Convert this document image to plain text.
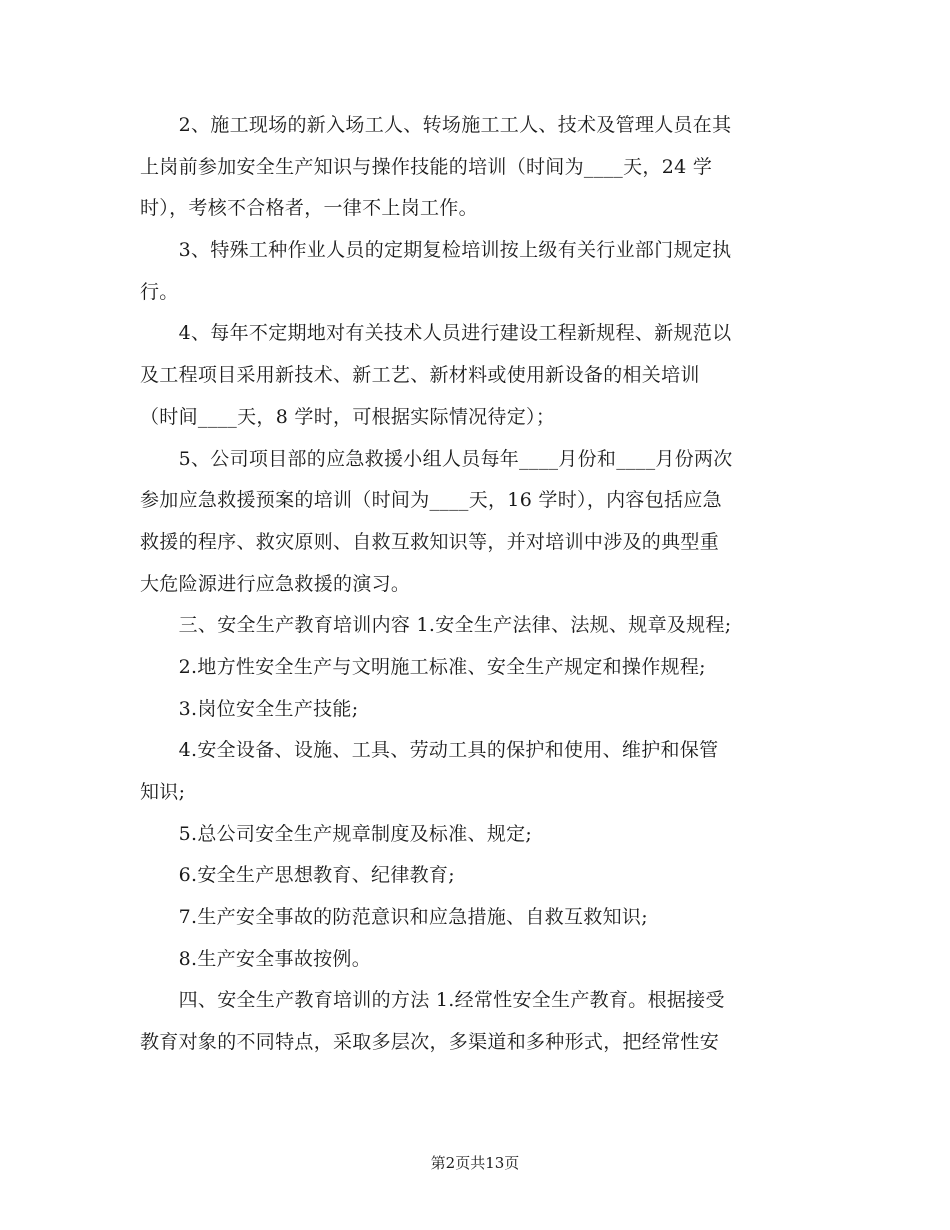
　　2、施工现场的新入场工人、转场施工工人、技术及管理人员在其
上岗前参加安全生产知识与操作技能的培训（时间为____天，24 学
时），考核不合格者，一律不上岗工作。
　　3、特殊工种作业人员的定期复检培训按上级有关行业部门规定执
行。
　　4、每年不定期地对有关技术人员进行建设工程新规程、新规范以
及工程项目采用新技术、新工艺、新材料或使用新设备的相关培训
（时间____天，8 学时，可根据实际情况待定）；
　　5、公司项目部的应急救援小组人员每年____月份和____月份两次
参加应急救援预案的培训（时间为____天，16 学时），内容包括应急
救援的程序、救灾原则、自救互救知识等，并对培训中涉及的典型重
大危险源进行应急救援的演习。
　　三、安全生产教育培训内容 1.安全生产法律、法规、规章及规程;
　　2.地方性安全生产与文明施工标准、安全生产规定和操作规程;
　　3.岗位安全生产技能;
　　4.安全设备、设施、工具、劳动工具的保护和使用、维护和保管
知识;
　　5.总公司安全生产规章制度及标准、规定;
　　6.安全生产思想教育、纪律教育;
　　7.生产安全事故的防范意识和应急措施、自救互救知识;
　　8.生产安全事故按例。
　　四、安全生产教育培训的方法 1.经常性安全生产教育。根据接受
教育对象的不同特点，采取多层次，多渠道和多种形式，把经常性安
第2页共13页
